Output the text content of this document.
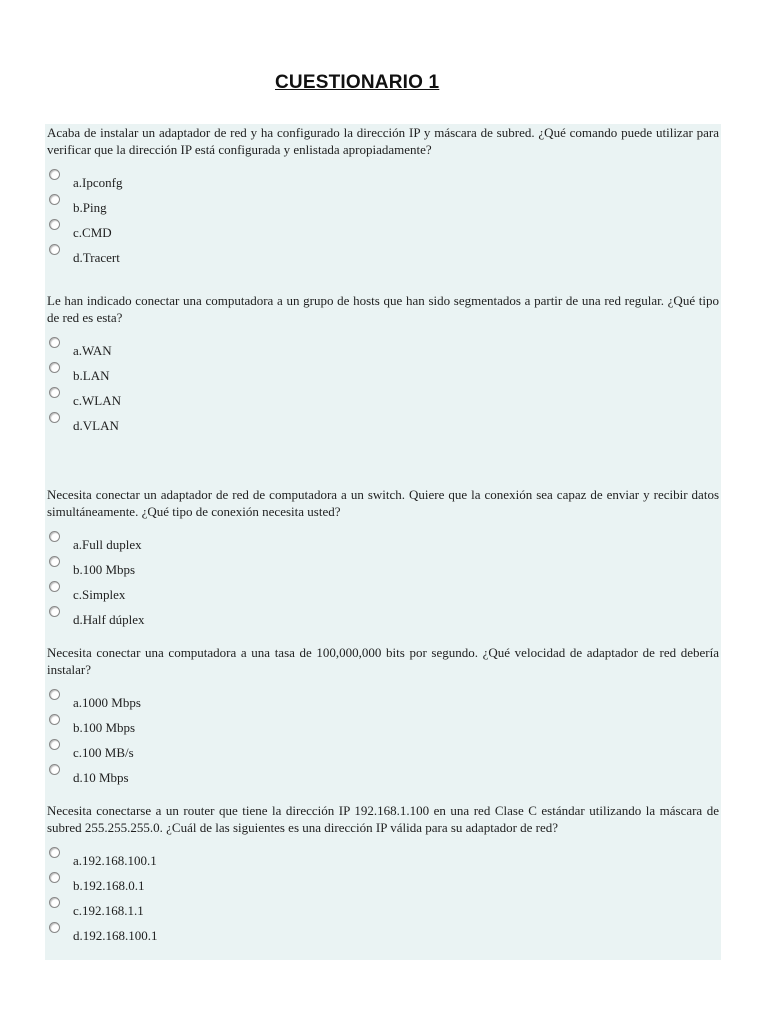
CUESTIONARIO 1

Acaba de instalar un adaptador de red y ha configurado la dirección IP y máscara de subred. ¿Qué comando puede utilizar para verificar que la dirección IP está configurada y enlistada apropiadamente?

a.Ipconfg
b.Ping
c.CMD
d.Tracert

Le han indicado conectar una computadora a un grupo de hosts que han sido segmentados a partir de una red regular. ¿Qué tipo de red es esta?

a.WAN
b.LAN
c.WLAN
d.VLAN

Necesita conectar un adaptador de red de computadora a un switch. Quiere que la conexión sea capaz de enviar y recibir datos simultáneamente. ¿Qué tipo de conexión necesita usted?

a.Full duplex
b.100 Mbps
c.Simplex
d.Half dúplex

Necesita conectar una computadora a una tasa de 100,000,000 bits por segundo. ¿Qué velocidad de adaptador de red debería instalar?

a.1000 Mbps
b.100 Mbps
c.100 MB/s
d.10 Mbps

Necesita conectarse a un router que tiene la dirección IP 192.168.1.100 en una red Clase C estándar utilizando la máscara de subred 255.255.255.0. ¿Cuál de las siguientes es una dirección IP válida para su adaptador de red?

a.192.168.100.1
b.192.168.0.1
c.192.168.1.1
d.192.168.100.1
